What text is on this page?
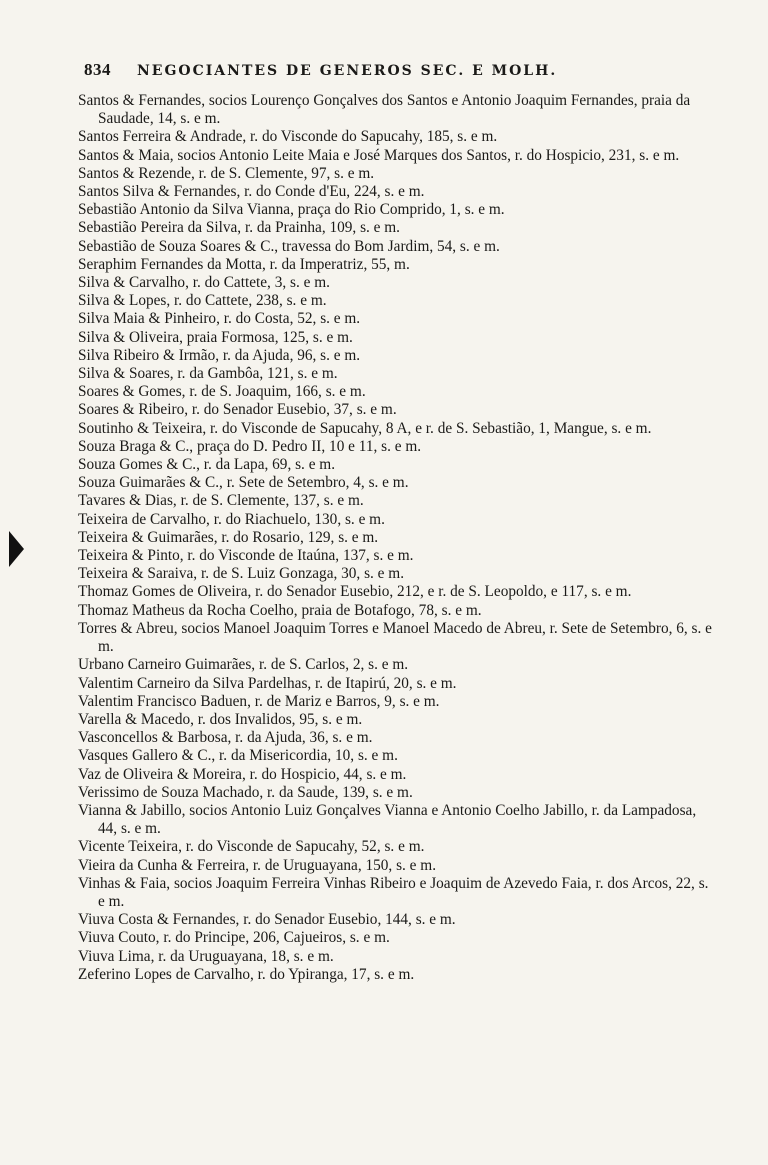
834 NEGOCIANTES DE GENEROS SEC. E MOLH.
Santos & Fernandes, socios Lourenço Gonçalves dos Santos e Antonio Joaquim Fernandes, praia da Saudade, 14, s. e m.
Santos Ferreira & Andrade, r. do Visconde do Sapucahy, 185, s. e m.
Santos & Maia, socios Antonio Leite Maia e José Marques dos Santos, r. do Hospicio, 231, s. e m.
Santos & Rezende, r. de S. Clemente, 97, s. e m.
Santos Silva & Fernandes, r. do Conde d'Eu, 224, s. e m.
Sebastião Antonio da Silva Vianna, praça do Rio Comprido, 1, s. e m.
Sebastião Pereira da Silva, r. da Prainha, 109, s. e m.
Sebastião de Souza Soares & C., travessa do Bom Jardim, 54, s. e m.
Seraphim Fernandes da Motta, r. da Imperatriz, 55, m.
Silva & Carvalho, r. do Cattete, 3, s. e m.
Silva & Lopes, r. do Cattete, 238, s. e m.
Silva Maia & Pinheiro, r. do Costa, 52, s. e m.
Silva & Oliveira, praia Formosa, 125, s. e m.
Silva Ribeiro & Irmão, r. da Ajuda, 96, s. e m.
Silva & Soares, r. da Gambôa, 121, s. e m.
Soares & Gomes, r. de S. Joaquim, 166, s. e m.
Soares & Ribeiro, r. do Senador Eusebio, 37, s. e m.
Soutinho & Teixeira, r. do Visconde de Sapucahy, 8 A, e r. de S. Sebastião, 1, Mangue, s. e m.
Souza Braga & C., praça do D. Pedro II, 10 e 11, s. e m.
Souza Gomes & C., r. da Lapa, 69, s. e m.
Souza Guimarães & C., r. Sete de Setembro, 4, s. e m.
Tavares & Dias, r. de S. Clemente, 137, s. e m.
Teixeira de Carvalho, r. do Riachuelo, 130, s. e m.
Teixeira & Guimarães, r. do Rosario, 129, s. e m.
Teixeira & Pinto, r. do Visconde de Itaúna, 137, s. e m.
Teixeira & Saraiva, r. de S. Luiz Gonzaga, 30, s. e m.
Thomaz Gomes de Oliveira, r. do Senador Eusebio, 212, e r. de S. Leopoldo, e 117, s. e m.
Thomaz Matheus da Rocha Coelho, praia de Botafogo, 78, s. e m.
Torres & Abreu, socios Manoel Joaquim Torres e Manoel Macedo de Abreu, r. Sete de Setembro, 6, s. e m.
Urbano Carneiro Guimarães, r. de S. Carlos, 2, s. e m.
Valentim Carneiro da Silva Pardelhas, r. de Itapirú, 20, s. e m.
Valentim Francisco Baduen, r. de Mariz e Barros, 9, s. e m.
Varella & Macedo, r. dos Invalidos, 95, s. e m.
Vasconcellos & Barbosa, r. da Ajuda, 36, s. e m.
Vasques Gallero & C., r. da Misericordia, 10, s. e m.
Vaz de Oliveira & Moreira, r. do Hospicio, 44, s. e m.
Verissimo de Souza Machado, r. da Saude, 139, s. e m.
Vianna & Jabillo, socios Antonio Luiz Gonçalves Vianna e Antonio Coelho Jabillo, r. da Lampadosa, 44, s. e m.
Vicente Teixeira, r. do Visconde de Sapucahy, 52, s. e m.
Vieira da Cunha & Ferreira, r. de Uruguayana, 150, s. e m.
Vinhas & Faia, socios Joaquim Ferreira Vinhas Ribeiro e Joaquim de Azevedo Faia, r. dos Arcos, 22, s. e m.
Viuva Costa & Fernandes, r. do Senador Eusebio, 144, s. e m.
Viuva Couto, r. do Principe, 206, Cajueiros, s. e m.
Viuva Lima, r. da Uruguayana, 18, s. e m.
Zeferino Lopes de Carvalho, r. do Ypiranga, 17, s. e m.
